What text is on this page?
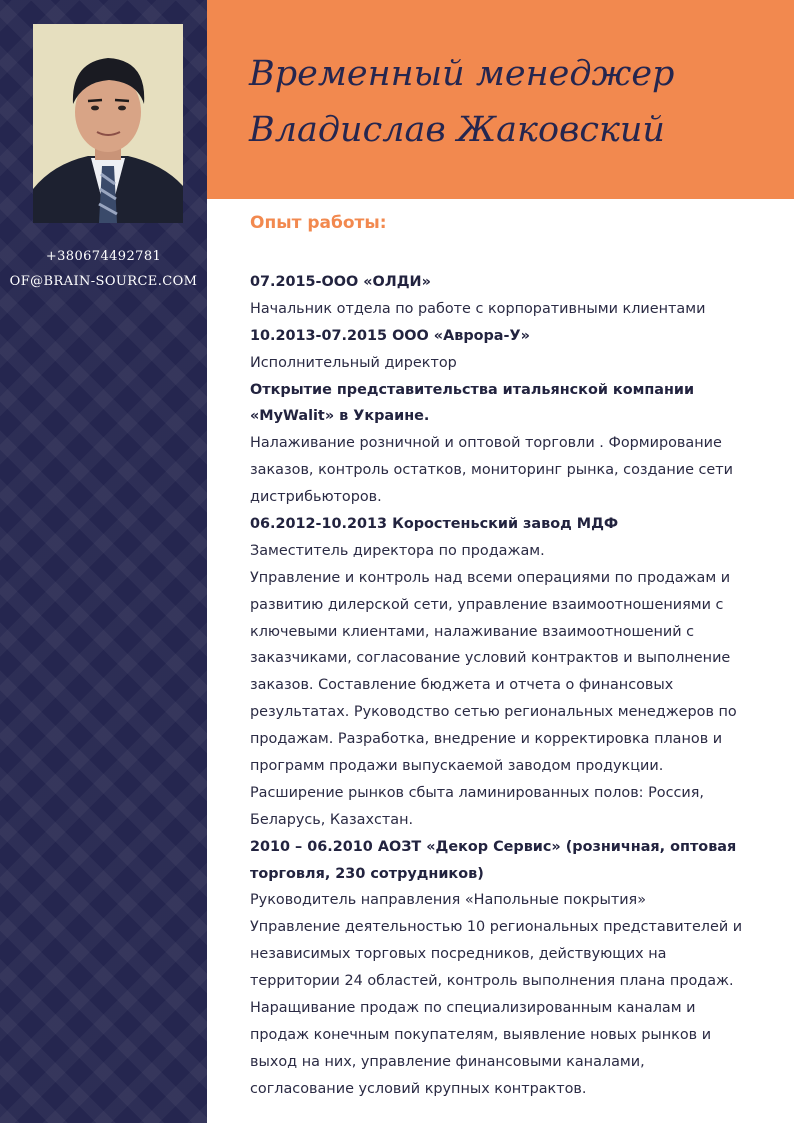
+380674492781
OF@BRAIN-SOURCE.COM
Временный менеджер
Владислав Жаковский
Опыт работы:
07.2015-ООО «ОЛДИ»
Начальник отдела по работе с корпоративными клиентами
10.2013-07.2015 ООО «Аврора-У»
Исполнительный директор
Открытие представительства итальянской компании
«MyWalit» в Украине.
Налаживание розничной и оптовой торговли . Формирование
заказов, контроль остатков, мониторинг рынка, создание сети
дистрибьюторов.
06.2012-10.2013 Коростеньский завод МДФ
Заместитель директора по продажам.
Управление и контроль над всеми операциями по продажам и
развитию дилерской сети, управление взаимоотношениями с
ключевыми клиентами, налаживание взаимоотношений с
заказчиками, согласование условий контрактов и выполнение
заказов. Составление бюджета и отчета о финансовых
результатах. Руководство сетью региональных менеджеров по
продажам. Разработка, внедрение и корректировка планов и
программ продажи выпускаемой заводом продукции.
Расширение рынков сбыта ламинированных полов: Россия,
Беларусь, Казахстан.
2010 – 06.2010 АОЗТ «Декор Сервис» (розничная, оптовая
торговля, 230 сотрудников)
Руководитель направления «Напольные покрытия»
Управление деятельностью 10 региональных представителей и
независимых торговых посредников, действующих на
территории 24 областей, контроль выполнения плана продаж.
Наращивание продаж по специализированным каналам и
продаж конечным покупателям, выявление новых рынков и
выход на них, управление финансовыми каналами,
согласование условий крупных контрактов.
